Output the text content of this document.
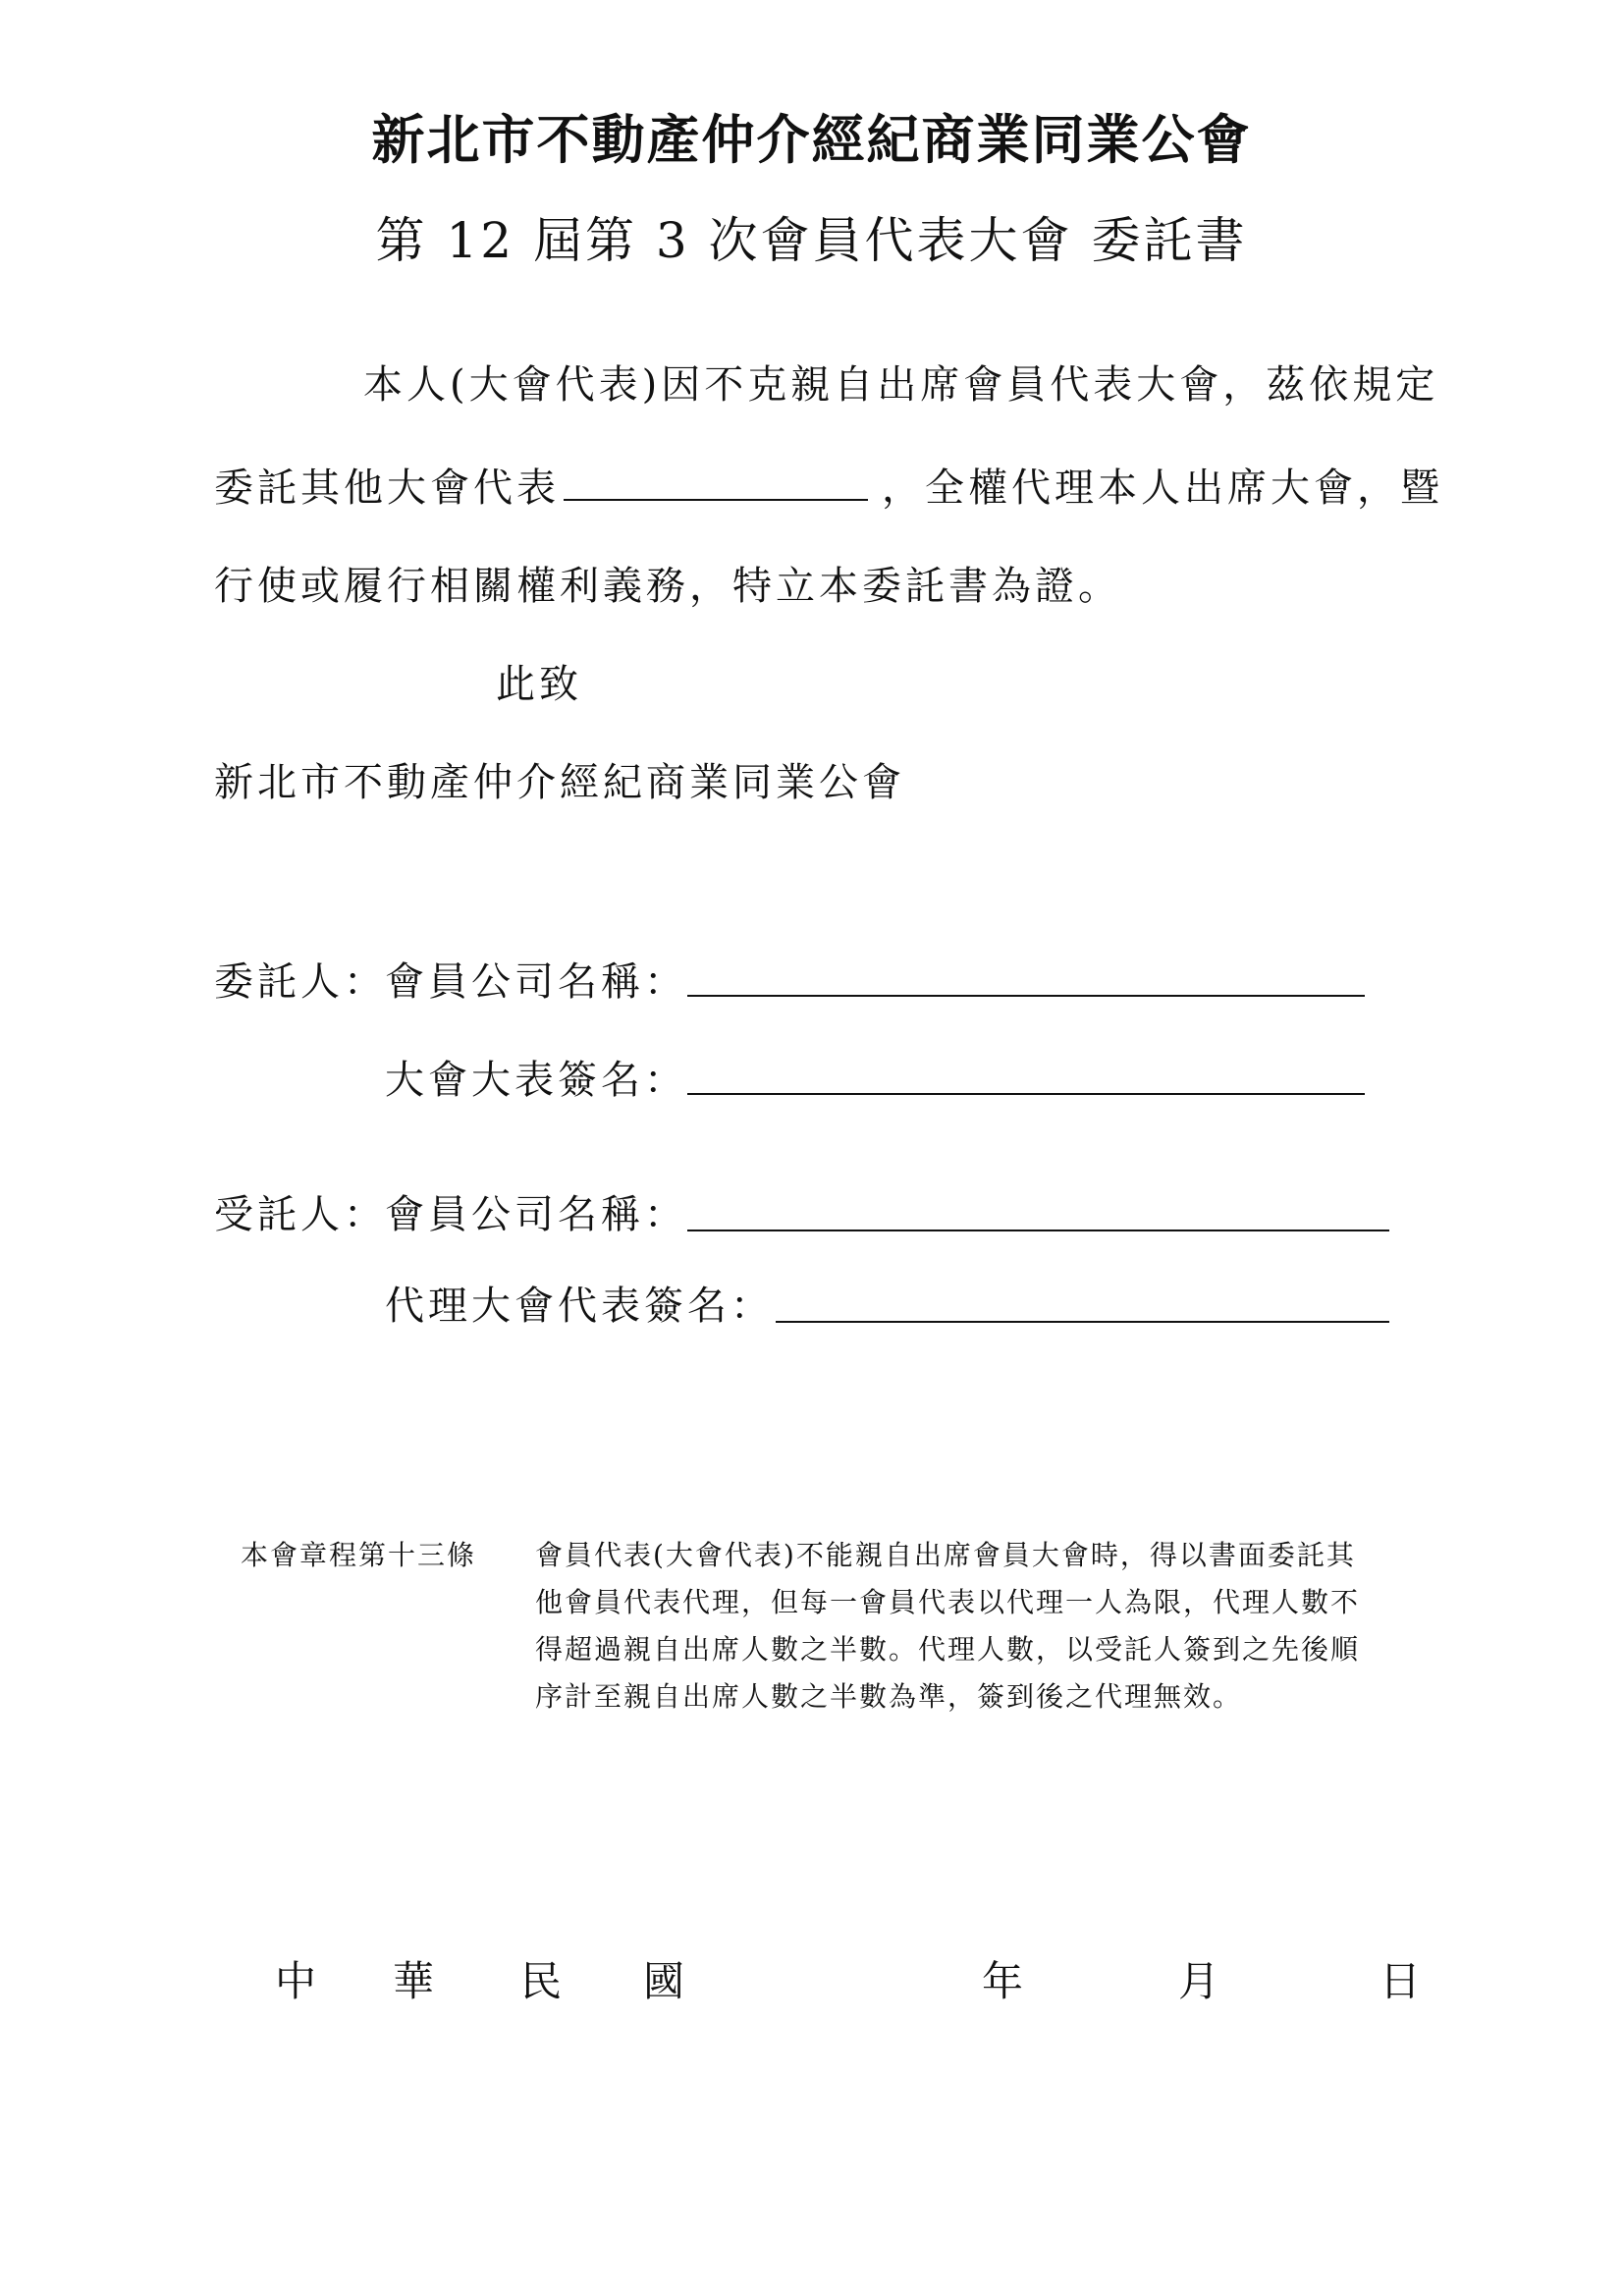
新北市不動產仲介經紀商業同業公會
第 12 屆第 3 次會員代表大會 委託書
本人(大會代表)因不克親自出席會員代表大會，茲依規定
委託其他大會代表	，全權代理本人出席大會，暨
行使或履行相關權利義務，特立本委託書為證。
此致
新北市不動產仲介經紀商業同業公會
委託人：
會員公司名稱：
大會大表簽名：
受託人：
會員公司名稱：
代理大會代表簽名：
本會章程第十三條 會員代表(大會代表)不能親自出席會員大會時，得以書面委託其
他會員代表代理，但每一會員代表以代理一人為限，代理人數不
得超過親自出席人數之半數。代理人數，以受託人簽到之先後順
序計至親自出席人數之半數為準，簽到後之代理無效。
中 華 民 國	年	月	日
